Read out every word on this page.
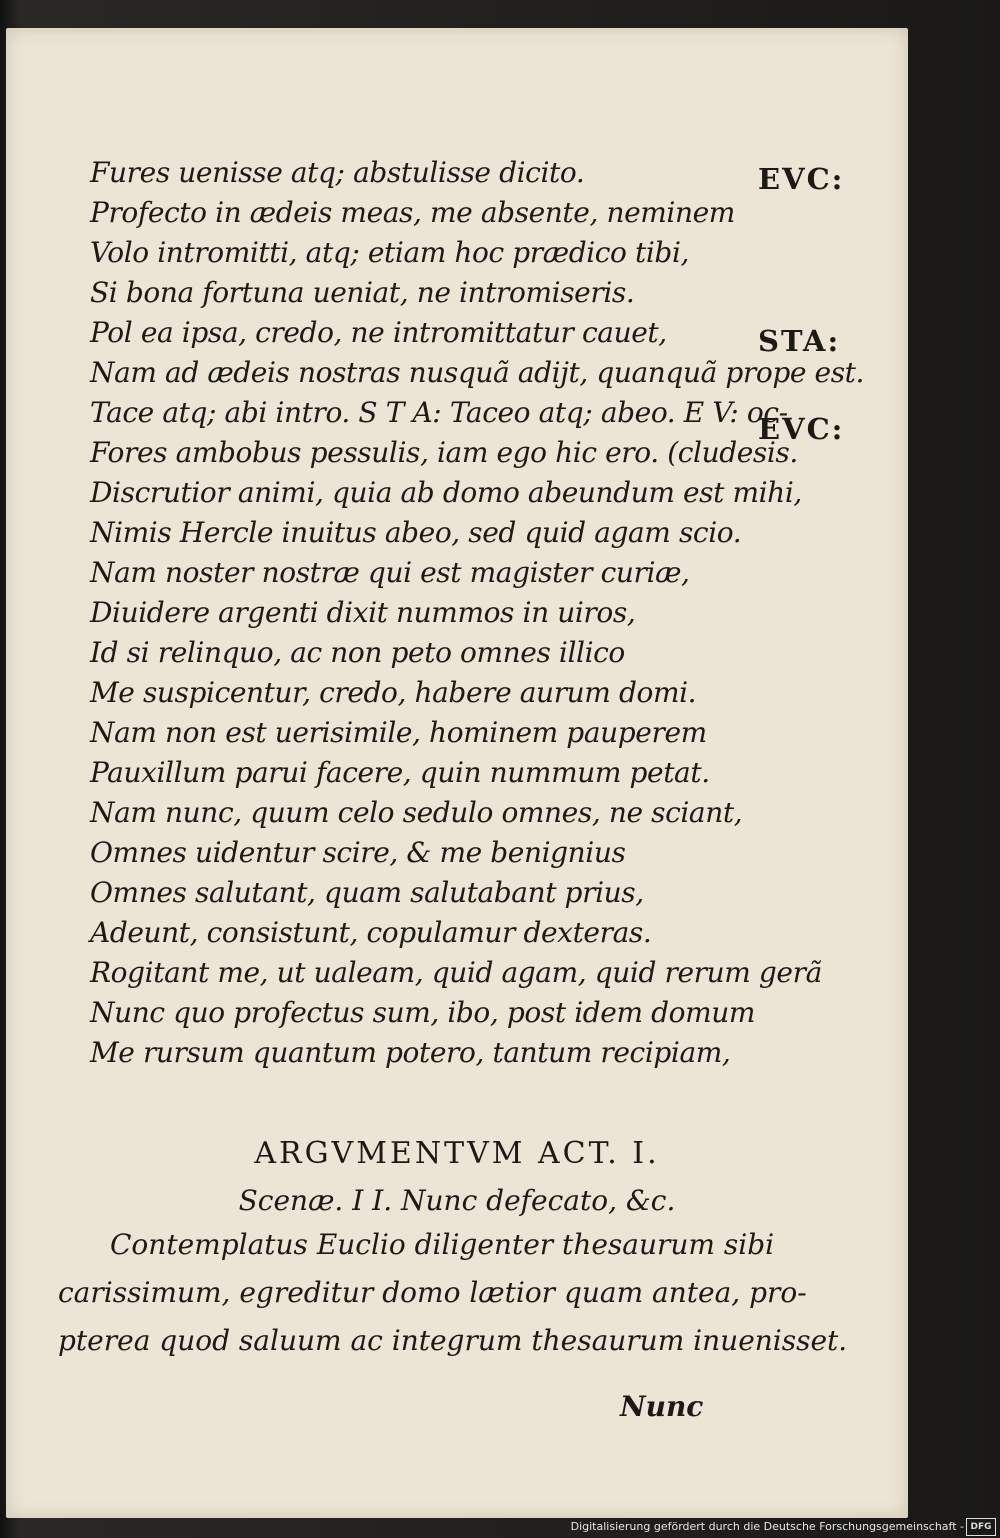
Fures uenisse atq; abstulisse dicito.
Profecto in ædeis meas, me absente, neminem
Volo intromitti, atq; etiam hoc prædico tibi,
Si bona fortuna ueniat, ne intromiseris.
Pol ea ipsa, credo, ne intromittatur cauet,
Nam ad ædeis nostras nusquã adijt, quanquã prope est.
Tace atq; abi intro. S T A: Taceo atq; abeo. E V: oc-
Fores ambobus pessulis, iam ego hic ero. (cludesis.
Discrutior animi, quia ab domo abeundum est mihi,
Nimis Hercle inuitus abeo, sed quid agam scio.
Nam noster nostræ qui est magister curiæ,
Diuidere argenti dixit nummos in uiros,
Id si relinquo, ac non peto omnes illico
Me suspicentur, credo, habere aurum domi.
Nam non est uerisimile, hominem pauperem
Pauxillum parui facere, quin nummum petat.
Nam nunc, quum celo sedulo omnes, ne sciant,
Omnes uidentur scire, & me benignius
Omnes salutant, quam salutabant prius,
Adeunt, consistunt, copulamur dexteras.
Rogitant me, ut ualeam, quid agam, quid rerum gerã
Nunc quo profectus sum, ibo, post idem domum
Me rursum quantum potero, tantum recipiam,
EVC:
STA:
EVC:
ARGVMENTVM ACT. I.
Scenæ. I I. Nunc defecato, &c.
Contemplatus Euclio diligenter thesaurum sibi
carissimum, egreditur domo lætior quam antea, pro-
pterea quod saluum ac integrum thesaurum inuenisset.
Nunc
Digitalisierung gefördert durch die Deutsche Forschungsgemeinschaft - DFG
